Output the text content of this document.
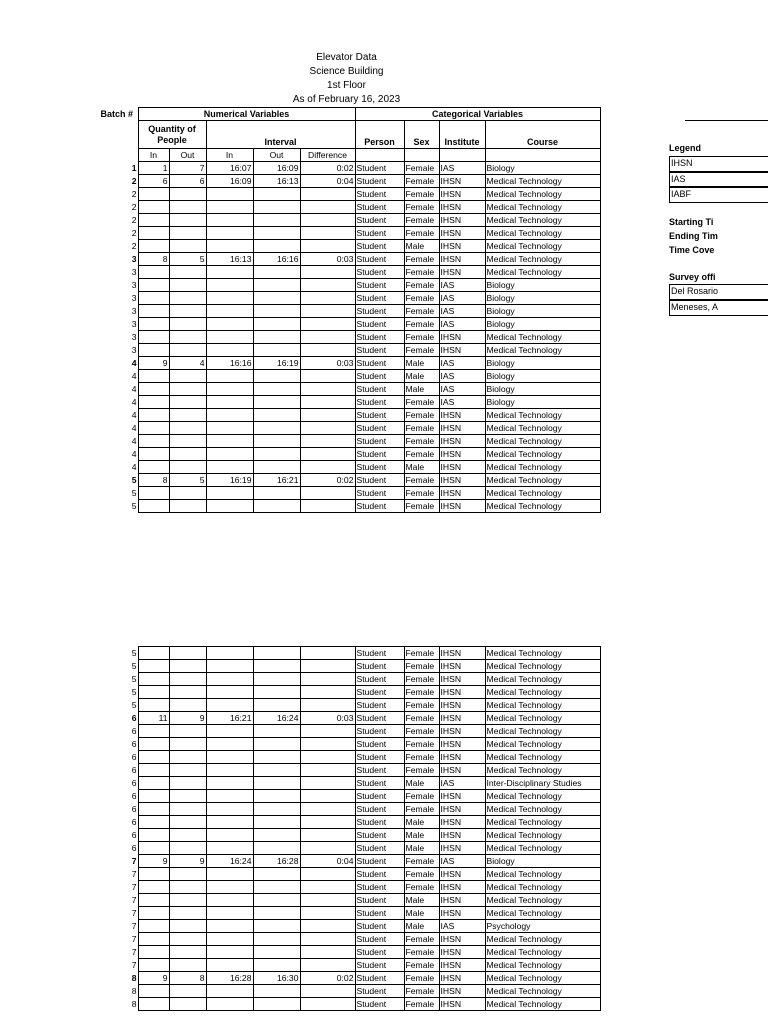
Elevator Data
Science Building
1st Floor
As of February 16, 2023
Batch #	Numerical Variables					Categorical Variables			
	Quantity of People		Interval			Person	Sex	Institute	Course
	In	Out	In	Out	Difference				
1	1	7	16:07	16:09	0:02	Student	Female	IAS	Biology
2	6	6	16:09	16:13	0:04	Student	Female	IHSN	Medical Technology
2						Student	Female	IHSN	Medical Technology
2						Student	Female	IHSN	Medical Technology
2						Student	Female	IHSN	Medical Technology
2						Student	Female	IHSN	Medical Technology
2						Student	Male	IHSN	Medical Technology
3	8	5	16:13	16:16	0:03	Student	Female	IHSN	Medical Technology
3						Student	Female	IHSN	Medical Technology
3						Student	Female	IAS	Biology
3						Student	Female	IAS	Biology
3						Student	Female	IAS	Biology
3						Student	Female	IAS	Biology
3						Student	Female	IHSN	Medical Technology
3						Student	Female	IHSN	Medical Technology
4	9	4	16:16	16:19	0:03	Student	Male	IAS	Biology
4						Student	Male	IAS	Biology
4						Student	Male	IAS	Biology
4						Student	Female	IAS	Biology
4						Student	Female	IHSN	Medical Technology
4						Student	Female	IHSN	Medical Technology
4						Student	Female	IHSN	Medical Technology
4						Student	Female	IHSN	Medical Technology
4						Student	Male	IHSN	Medical Technology
5	8	5	16:19	16:21	0:02	Student	Female	IHSN	Medical Technology
5						Student	Female	IHSN	Medical Technology
5						Student	Female	IHSN	Medical Technology
5						Student	Female	IHSN	Medical Technology
5						Student	Female	IHSN	Medical Technology
5						Student	Female	IHSN	Medical Technology
5						Student	Female	IHSN	Medical Technology
5						Student	Female	IHSN	Medical Technology
6	11	9	16:21	16:24	0:03	Student	Female	IHSN	Medical Technology
6						Student	Female	IHSN	Medical Technology
6						Student	Female	IHSN	Medical Technology
6						Student	Female	IHSN	Medical Technology
6						Student	Female	IHSN	Medical Technology
6						Student	Male	IAS	Inter-Disciplinary Studies
6						Student	Female	IHSN	Medical Technology
6						Student	Female	IHSN	Medical Technology
6						Student	Male	IHSN	Medical Technology
6						Student	Male	IHSN	Medical Technology
6						Student	Male	IHSN	Medical Technology
7	9	9	16:24	16:28	0:04	Student	Female	IAS	Biology
7						Student	Female	IHSN	Medical Technology
7						Student	Female	IHSN	Medical Technology
7						Student	Male	IHSN	Medical Technology
7						Student	Male	IHSN	Medical Technology
7						Student	Male	IAS	Psychology
7						Student	Female	IHSN	Medical Technology
7						Student	Female	IHSN	Medical Technology
7						Student	Female	IHSN	Medical Technology
8	9	8	16:28	16:30	0:02	Student	Female	IHSN	Medical Technology
8						Student	Female	IHSN	Medical Technology
8						Student	Female	IHSN	Medical Technology
Legend
IHSN
IAS
IABF
Starting Ti
Ending Tim
Time Cove
Survey offi
Del Rosario
Meneses, A
